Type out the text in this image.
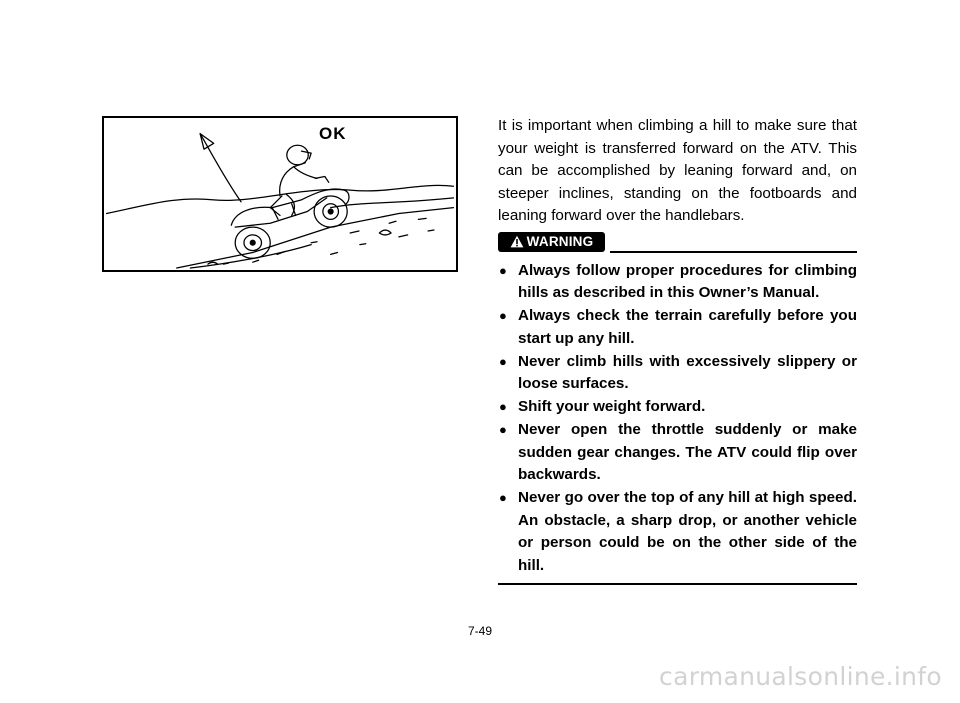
OK	It is important when climbing a hill to make sure that your weight is transferred forward on the ATV. This can be accomplished by leaning forward and, on steeper inclines, standing on the footboards and leaning forward over the handlebars.

WARNING
● Always follow proper procedures for climbing hills as described in this Owner’s Manual.
● Always check the terrain carefully before you start up any hill.
● Never climb hills with excessively slippery or loose surfaces.
● Shift your weight forward.
● Never open the throttle suddenly or make sudden gear changes. The ATV could flip over backwards.
● Never go over the top of any hill at high speed. An obstacle, a sharp drop, or another vehicle or person could be on the other side of the hill.
7-49
carmanualsonline.info
